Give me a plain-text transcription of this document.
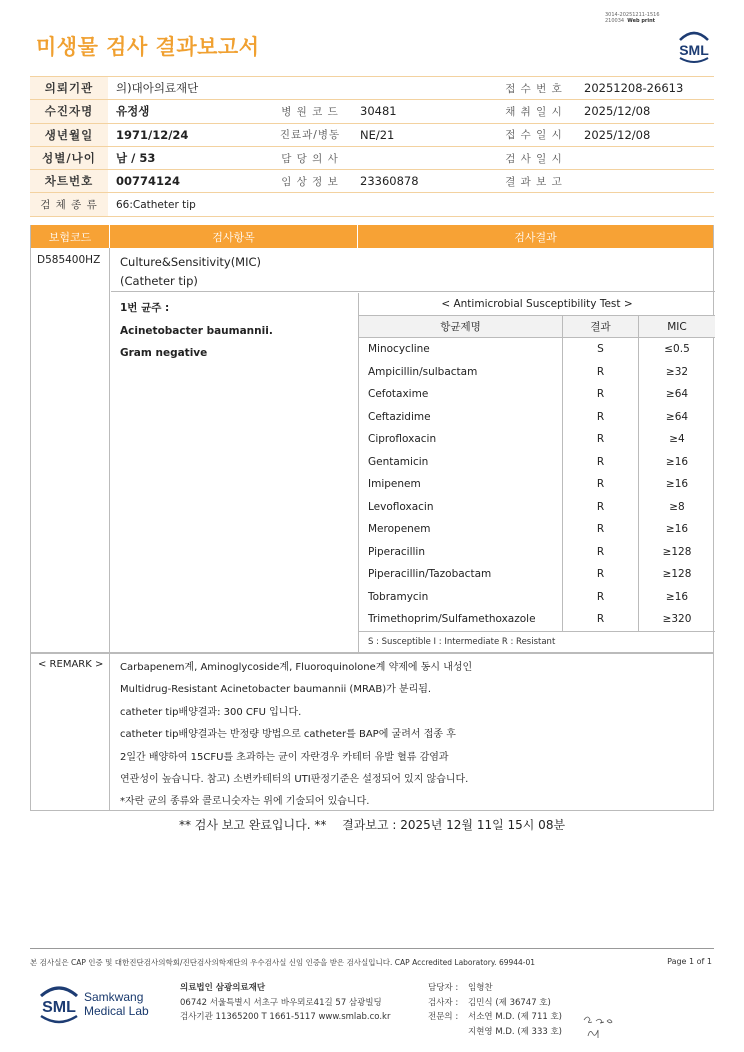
미생물 검사 결과보고서
3014-20251211-1516
210034 Web print
SML
의뢰기관	의)대아의료재단			접 수 번 호	20251208-26613
수진자명	유정생	병 원 코 드	30481	채 취 일 시	2025/12/08
생년월일	1971/12/24	진료과/병동	NE/21	접 수 일 시	2025/12/08
성별/나이	남 / 53	담 당 의 사		검 사 일 시	
차트번호	00774124	임 상 정 보	23360878	결 과 보 고	
검 체 종 류	66:Catheter tip				
보험코드	검사항목	검사결과
D585400HZ	Culture&Sensitivity(MIC)
(Catheter tip)
1번 균주 :
Acinetobacter baumannii.
Gram negative
< Antimicrobial Susceptibility Test >
항균제명	결과	MIC
Minocycline	S	≤0.5
Ampicillin/sulbactam	R	≥32
Cefotaxime	R	≥64
Ceftazidime	R	≥64
Ciprofloxacin	R	≥4
Gentamicin	R	≥16
Imipenem	R	≥16
Levofloxacin	R	≥8
Meropenem	R	≥16
Piperacillin	R	≥128
Piperacillin/Tazobactam	R	≥128
Tobramycin	R	≥16
Trimethoprim/Sulfamethoxazole	R	≥320
S : Susceptible I : Intermediate R : Resistant
< REMARK >	Carbapenem계, Aminoglycoside계, Fluoroquinolone계 약제에 동시 내성인
Multidrug-Resistant Acinetobacter baumannii (MRAB)가 분리됨.
catheter tip배양결과: 300 CFU 입니다.
catheter tip배양결과는 반정량 방법으로 catheter를 BAP에 굴려서 접종 후
2일간 배양하여 15CFU를 초과하는 균이 자란경우 카테터 유발 혈류 감염과
연관성이 높습니다. 참고) 소변카테터의 UTI판정기준은 설정되어 있지 않습니다.
*자란 균의 종류와 콜로니숫자는 위에 기술되어 있습니다.
** 검사 보고 완료입니다. ** 결과보고 : 2025년 12월 11일 15시 08분
본 검사실은 CAP 인증 및 대한진단검사의학회/진단검사의학재단의 우수검사실 신임 인증을 받은 검사실입니다. CAP Accredited Laboratory. 69944-01	Page 1 of 1
SML
Samkwang
Medical Lab
의료법인 삼광의료재단
06742 서울특별시 서초구 바우뫼로41길 57 삼광빌딩
검사기관 11365200 T 1661-5117 www.smlab.co.kr
담당자 :	임형찬
검사자 :	김민식 (제 36747 호)
전문의 :	서소연 M.D. (제 711 호)
지현영 M.D. (제 333 호)
